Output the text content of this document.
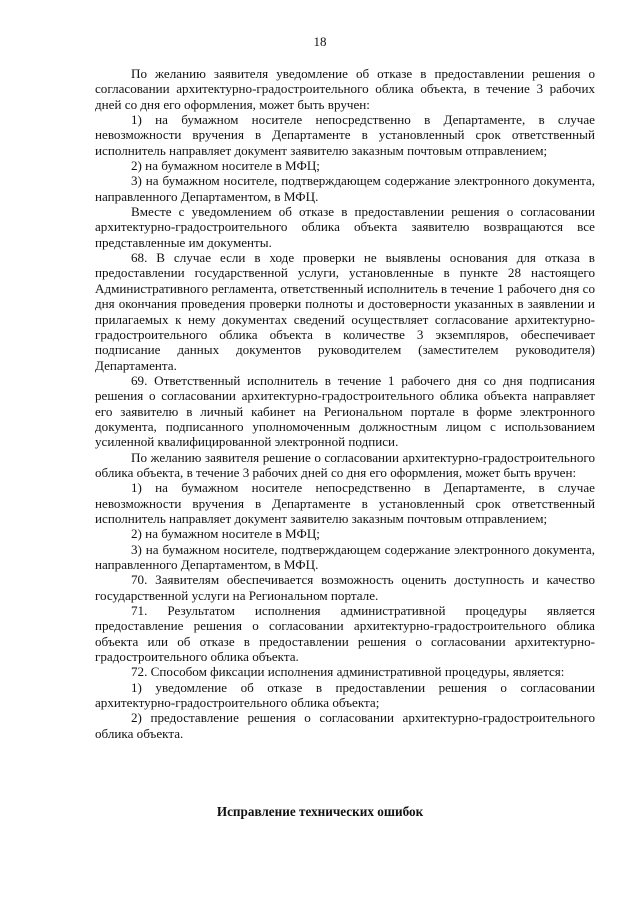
18

По желанию заявителя уведомление об отказе в предоставлении решения о согласовании архитектурно-градостроительного облика объекта, в течение 3 рабочих дней со дня его оформления, может быть вручен:

1) на бумажном носителе непосредственно в Департаменте, в случае невозможности вручения в Департаменте в установленный срок ответственный исполнитель направляет документ заявителю заказным почтовым отправлением;

2) на бумажном носителе в МФЦ;

3) на бумажном носителе, подтверждающем содержание электронного документа, направленного Департаментом, в МФЦ.

Вместе с уведомлением об отказе в предоставлении решения о согласовании архитектурно-градостроительного облика объекта заявителю возвращаются все представленные им документы.

68. В случае если в ходе проверки не выявлены основания для отказа в предоставлении государственной услуги, установленные в пункте 28 настоящего Административного регламента, ответственный исполнитель в течение 1 рабочего дня со дня окончания проведения проверки полноты и достоверности указанных в заявлении и прилагаемых к нему документах сведений осуществляет согласование архитектурно-градостроительного облика объекта в количестве 3 экземпляров, обеспечивает подписание данных документов руководителем (заместителем руководителя) Департамента.

69. Ответственный исполнитель в течение 1 рабочего дня со дня подписания решения о согласовании архитектурно-градостроительного облика объекта направляет его заявителю в личный кабинет на Региональном портале в форме электронного документа, подписанного уполномоченным должностным лицом с использованием усиленной квалифицированной электронной подписи.

По желанию заявителя решение о согласовании архитектурно-градостроительного облика объекта, в течение 3 рабочих дней со дня его оформления, может быть вручен:

1) на бумажном носителе непосредственно в Департаменте, в случае невозможности вручения в Департаменте в установленный срок ответственный исполнитель направляет документ заявителю заказным почтовым отправлением;

2) на бумажном носителе в МФЦ;

3) на бумажном носителе, подтверждающем содержание электронного документа, направленного Департаментом, в МФЦ.

70. Заявителям обеспечивается возможность оценить доступность и качество государственной услуги на Региональном портале.

71. Результатом исполнения административной процедуры является предоставление решения о согласовании архитектурно-градостроительного облика объекта или об отказе в предоставлении решения о согласовании архитектурно-градостроительного облика объекта.

72. Способом фиксации исполнения административной процедуры, является:

1) уведомление об отказе в предоставлении решения о согласовании архитектурно-градостроительного облика объекта;

2) предоставление решения о согласовании архитектурно-градостроительного облика объекта.

Исправление технических ошибок
